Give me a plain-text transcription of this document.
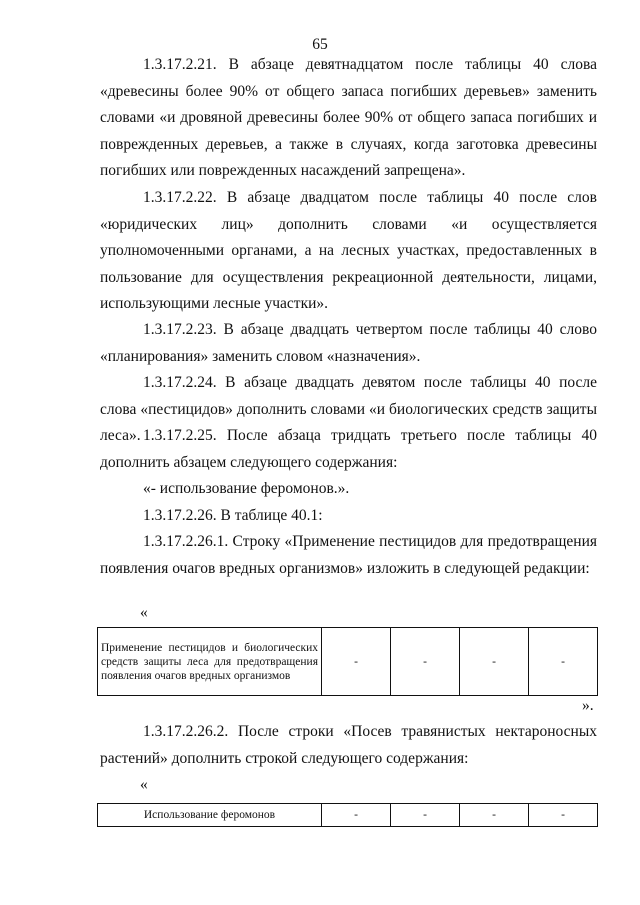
65

1.3.17.2.21. В абзаце девятнадцатом после таблицы 40 слова «древесины более 90% от общего запаса погибших деревьев» заменить словами «и дровяной древесины более 90% от общего запаса погибших и поврежденных деревьев, а также в случаях, когда заготовка древесины погибших или поврежденных насаждений запрещена».

1.3.17.2.22. В абзаце двадцатом после таблицы 40 после слов «юридических лиц» дополнить словами «и осуществляется уполномоченными органами, а на лесных участках, предоставленных в пользование для осуществления рекреационной деятельности, лицами, использующими лесные участки».

1.3.17.2.23. В абзаце двадцать четвертом после таблицы 40 слово «планирования» заменить словом «назначения».

1.3.17.2.24. В абзаце двадцать девятом после таблицы 40 после слова «пестицидов» дополнить словами «и биологических средств защиты леса». 1.3.17.2.25. После абзаца тридцать третьего после таблицы 40 дополнить абзацем следующего содержания:

«- использование феромонов.».

1.3.17.2.26. В таблице 40.1:

1.3.17.2.26.1. Строку «Применение пестицидов для предотвращения появления очагов вредных организмов» изложить в следующей редакции:

«
Применение пестицидов и биологических средств защиты леса для предотвращения появления очагов вредных организмов	-	-	-	-
».

1.3.17.2.26.2. После строки «Посев травянистых нектароносных растений» дополнить строкой следующего содержания:

«
Использование феромонов	-	-	-	-
